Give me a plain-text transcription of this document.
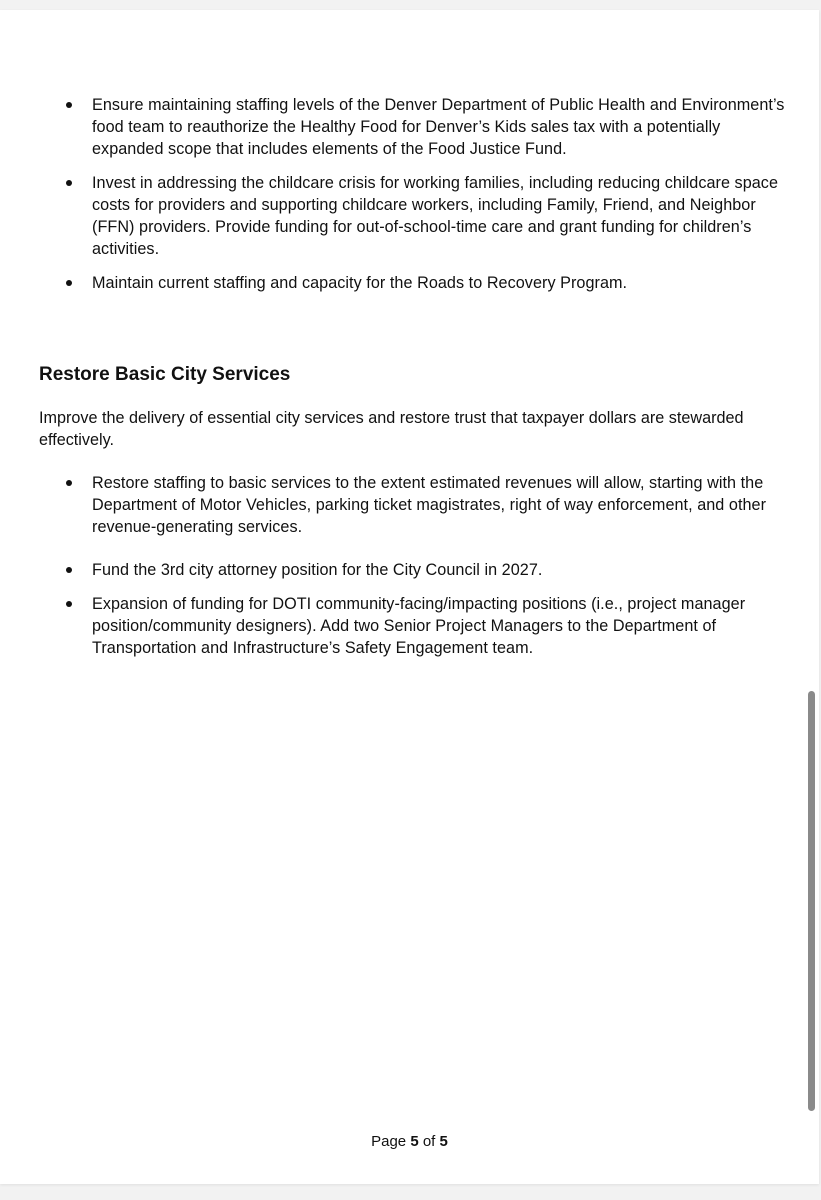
Ensure maintaining staffing levels of the Denver Department of Public Health and Environment’s food team to reauthorize the Healthy Food for Denver’s Kids sales tax with a potentially expanded scope that includes elements of the Food Justice Fund.
Invest in addressing the childcare crisis for working families, including reducing childcare space costs for providers and supporting childcare workers, including Family, Friend, and Neighbor (FFN) providers. Provide funding for out-of-school-time care and grant funding for children’s activities.
Maintain current staffing and capacity for the Roads to Recovery Program.
Restore Basic City Services

Improve the delivery of essential city services and restore trust that taxpayer dollars are stewarded effectively.

Restore staffing to basic services to the extent estimated revenues will allow, starting with the Department of Motor Vehicles, parking ticket magistrates, right of way enforcement, and other revenue-generating services.
Fund the 3rd city attorney position for the City Council in 2027.
Expansion of funding for DOTI community-facing/impacting positions (i.e., project manager position/community designers). Add two Senior Project Managers to the Department of Transportation and Infrastructure’s Safety Engagement team.
Page 5 of 5
